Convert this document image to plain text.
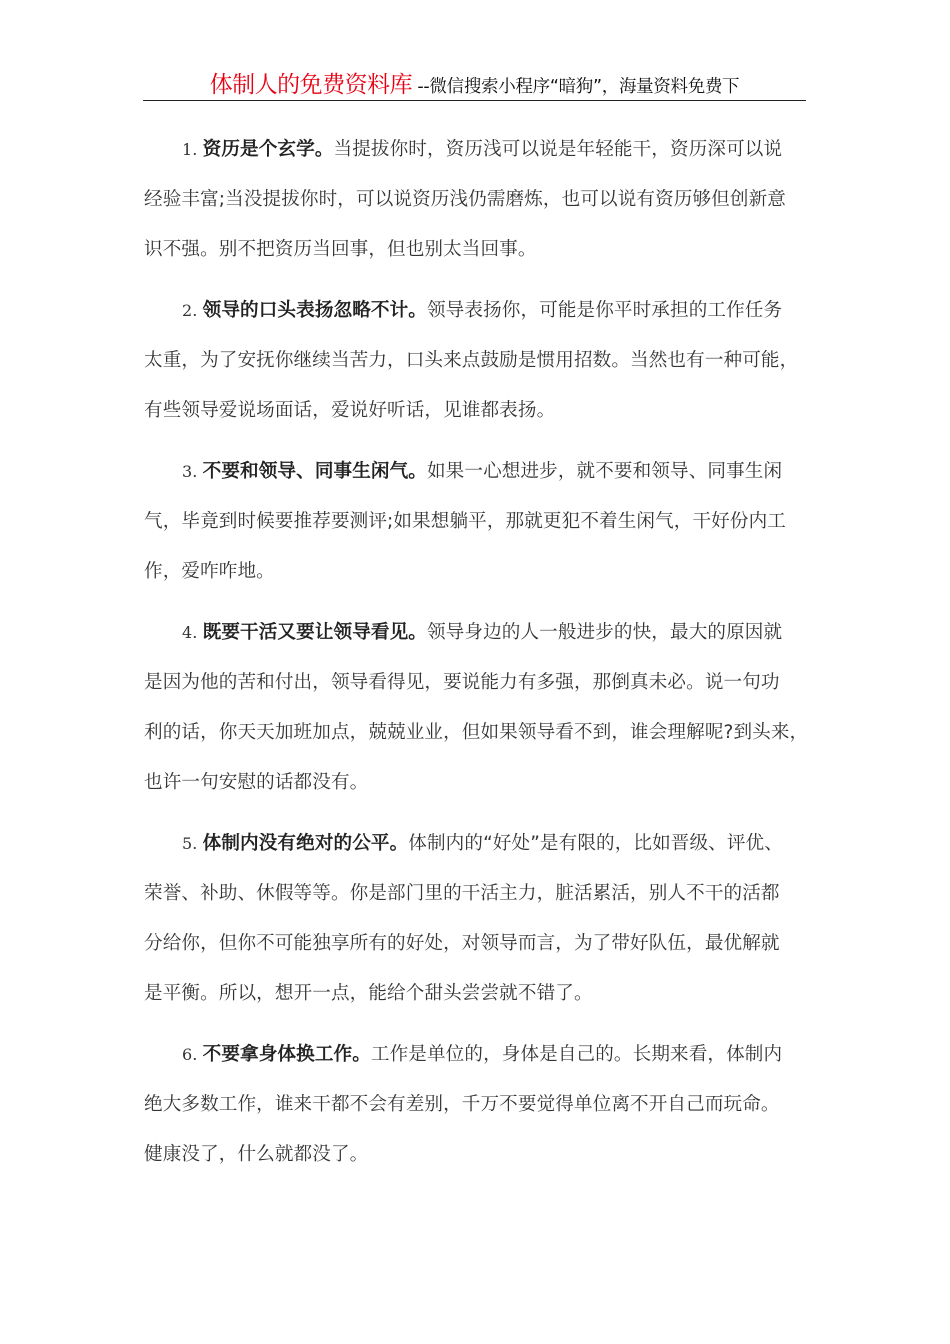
体制人的免费资料库 --微信搜索小程序“暗狗”，海量资料免费下
1. 资历是个玄学。当提拔你时，资历浅可以说是年轻能干，资历深可以说
经验丰富;当没提拔你时，可以说资历浅仍需磨炼，也可以说有资历够但创新意
识不强。别不把资历当回事，但也别太当回事。
2. 领导的口头表扬忽略不计。领导表扬你，可能是你平时承担的工作任务
太重，为了安抚你继续当苦力，口头来点鼓励是惯用招数。当然也有一种可能，
有些领导爱说场面话，爱说好听话，见谁都表扬。
3. 不要和领导、同事生闲气。如果一心想进步，就不要和领导、同事生闲
气，毕竟到时候要推荐要测评;如果想躺平，那就更犯不着生闲气，干好份内工
作，爱咋咋地。
4. 既要干活又要让领导看见。领导身边的人一般进步的快，最大的原因就
是因为他的苦和付出，领导看得见，要说能力有多强，那倒真未必。说一句功
利的话，你天天加班加点，兢兢业业，但如果领导看不到，谁会理解呢?到头来，
也许一句安慰的话都没有。
5. 体制内没有绝对的公平。体制内的“好处”是有限的，比如晋级、评优、
荣誉、补助、休假等等。你是部门里的干活主力，脏活累活，别人不干的活都
分给你，但你不可能独享所有的好处，对领导而言，为了带好队伍，最优解就
是平衡。所以，想开一点，能给个甜头尝尝就不错了。
6. 不要拿身体换工作。工作是单位的，身体是自己的。长期来看，体制内
绝大多数工作，谁来干都不会有差别，千万不要觉得单位离不开自己而玩命。
健康没了，什么就都没了。
